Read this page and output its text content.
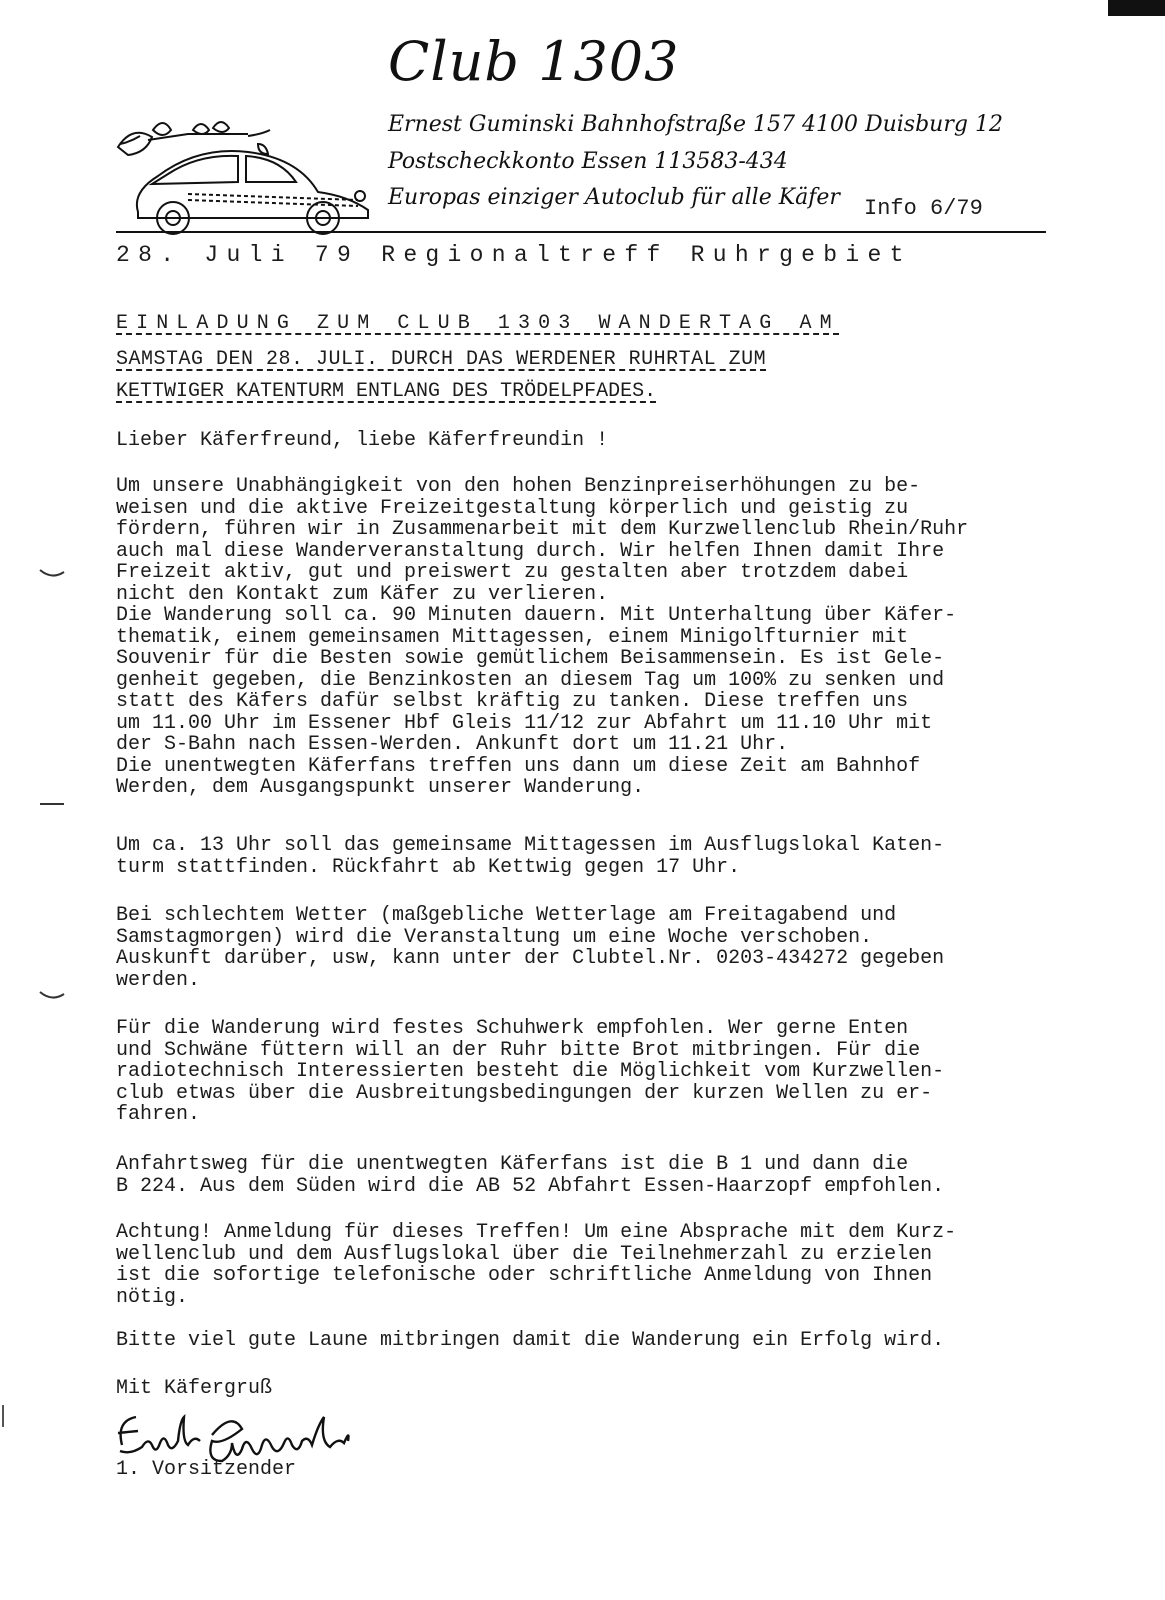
Club 1303
Ernest Guminski Bahnhofstraße 157 4100 Duisburg 12
Postscheckkonto Essen 113583-434
Europas einziger Autoclub für alle Käfer Info 6/79
28. Juli 79 Regionaltreff Ruhrgebiet
EINLADUNG ZUM CLUB 1303 WANDERTAG AM
SAMSTAG DEN 28. JULI. DURCH DAS WERDENER RUHRTAL ZUM
KETTWIGER KATENTURM ENTLANG DES TRÖDELPFADES.
Lieber Käferfreund, liebe Käferfreundin !
Um unsere Unabhängigkeit von den hohen Benzinpreiserhöhungen zu be-
weisen und die aktive Freizeitgestaltung körperlich und geistig zu
fördern, führen wir in Zusammenarbeit mit dem Kurzwellenclub Rhein/Ruhr
auch mal diese Wanderveranstaltung durch. Wir helfen Ihnen damit Ihre
Freizeit aktiv, gut und preiswert zu gestalten aber trotzdem dabei
nicht den Kontakt zum Käfer zu verlieren.
Die Wanderung soll ca. 90 Minuten dauern. Mit Unterhaltung über Käfer-
thematik, einem gemeinsamen Mittagessen, einem Minigolfturnier mit
Souvenir für die Besten sowie gemütlichem Beisammensein. Es ist Gele-
genheit gegeben, die Benzinkosten an diesem Tag um 100% zu senken und
statt des Käfers dafür selbst kräftig zu tanken. Diese treffen uns
um 11.00 Uhr im Essener Hbf Gleis 11/12 zur Abfahrt um 11.10 Uhr mit
der S-Bahn nach Essen-Werden. Ankunft dort um 11.21 Uhr.
Die unentwegten Käferfans treffen uns dann um diese Zeit am Bahnhof
Werden, dem Ausgangspunkt unserer Wanderung.
Um ca. 13 Uhr soll das gemeinsame Mittagessen im Ausflugslokal Katen-
turm stattfinden. Rückfahrt ab Kettwig gegen 17 Uhr.
Bei schlechtem Wetter (maßgebliche Wetterlage am Freitagabend und
Samstagmorgen) wird die Veranstaltung um eine Woche verschoben.
Auskunft darüber, usw, kann unter der Clubtel.Nr. 0203-434272 gegeben
werden.
Für die Wanderung wird festes Schuhwerk empfohlen. Wer gerne Enten
und Schwäne füttern will an der Ruhr bitte Brot mitbringen. Für die
radiotechnisch Interessierten besteht die Möglichkeit vom Kurzwellen-
club etwas über die Ausbreitungsbedingungen der kurzen Wellen zu er-
fahren.
Anfahrtsweg für die unentwegten Käferfans ist die B 1 und dann die
B 224. Aus dem Süden wird die AB 52 Abfahrt Essen-Haarzopf empfohlen.
Achtung! Anmeldung für dieses Treffen! Um eine Absprache mit dem Kurz-
wellenclub und dem Ausflugslokal über die Teilnehmerzahl zu erzielen
ist die sofortige telefonische oder schriftliche Anmeldung von Ihnen
nötig.
Bitte viel gute Laune mitbringen damit die Wanderung ein Erfolg wird.
Mit Käfergruß
1. Vorsitzender
